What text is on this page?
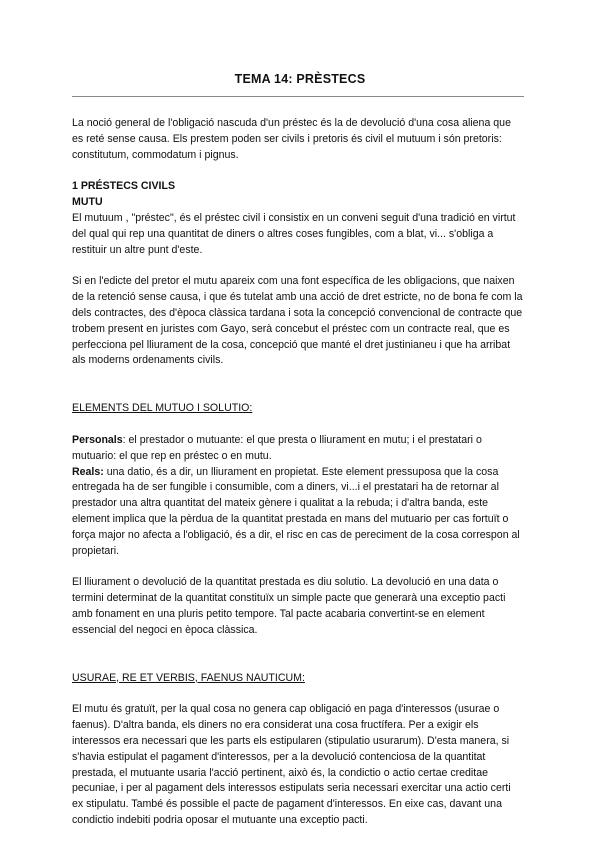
TEMA 14: PRÈSTECS

La noció general de l'obligació nascuda d'un préstec és la de devolució d'una cosa aliena que es reté sense causa. Els prestem poden ser civils i pretoris és civil el mutuum i són pretoris: constitutum, commodatum i pignus.

1 PRÉSTECS CIVILS

MUTU

El mutuum , "préstec", és el préstec civil i consistix en un conveni seguit d'una tradició en virtut del qual qui rep una quantitat de diners o altres coses fungibles, com a blat, vi... s'obliga a restituir un altre punt d'este.

Si en l'edicte del pretor el mutu apareix com una font específica de les obligacions, que naixen de la retenció sense causa, i que és tutelat amb una acció de dret estricte, no de bona fe com la dels contractes, des d'època clàssica tardana i sota la concepció convencional de contracte que trobem present en juristes com Gayo, serà concebut el préstec com un contracte real, que es perfecciona pel lliurament de la cosa, concepció que manté el dret justinianeu i que ha arribat als moderns ordenaments civils.

ELEMENTS DEL MUTUO I SOLUTIO:

Personals: el prestador o mutuante: el que presta o lliurament en mutu; i el prestatari o mutuario: el que rep en préstec o en mutu.

Reals: una datio, és a dir, un lliurament en propietat. Este element pressuposa que la cosa entregada ha de ser fungible i consumible, com a diners, vi...i el prestatari ha de retornar al prestador una altra quantitat del mateix gènere i qualitat a la rebuda; i d'altra banda, este element implica que la pèrdua de la quantitat prestada en mans del mutuario per cas fortuït o força major no afecta a l'obligació, és a dir, el risc en cas de pereciment de la cosa correspon al propietari.

El lliurament o devolució de la quantitat prestada es diu solutio. La devolució en una data o termini determinat de la quantitat constituïx un simple pacte que generarà una exceptio pacti amb fonament en una pluris petito tempore. Tal pacte acabaria convertint-se en element essencial del negoci en època clàssica.

USURAE, RE ET VERBIS, FAENUS NAUTICUM:

El mutu és gratuït, per la qual cosa no genera cap obligació en paga d'interessos (usurae o faenus). D'altra banda, els diners no era considerat una cosa fructífera. Per a exigir els interessos era necessari que les parts els estipularen (stipulatio usurarum). D'esta manera, si s'havia estipulat el pagament d'interessos, per a la devolució contenciosa de la quantitat prestada, el mutuante usaria l'acció pertinent, això és, la condictio o actio certae creditae pecuniae, i per al pagament dels interessos estipulats seria necessari exercitar una actio certi ex stipulatu. També és possible el pacte de pagament d'interessos. En eixe cas, davant una condictio indebiti podria oposar el mutuante una exceptio pacti.
